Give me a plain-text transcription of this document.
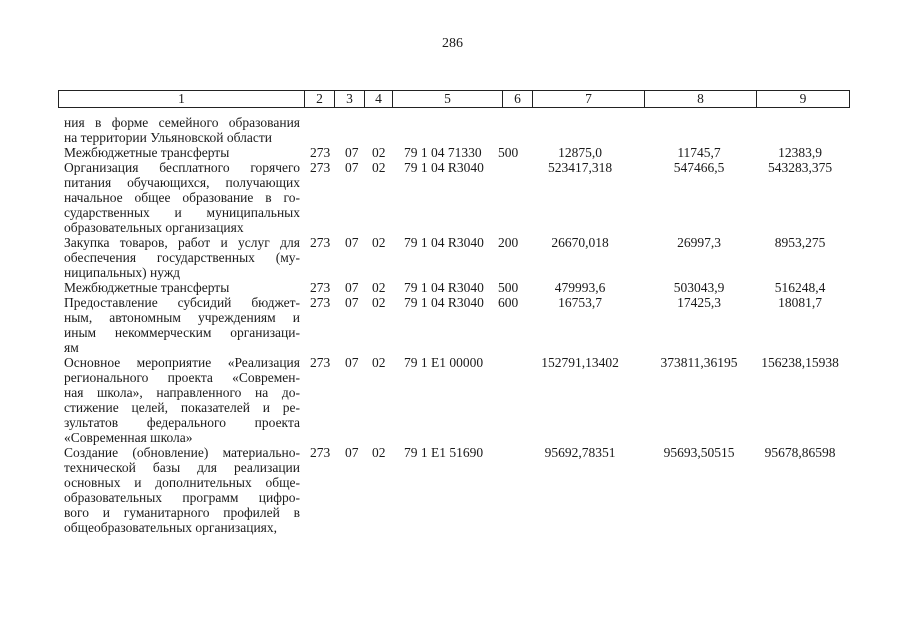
286
1	2	3	4	5	6	7	8	9
ния в форме семейного образования
на территории Ульяновской области
Межбюджетные трансферты	273 07 02 79 1 04 71330 500	12875,0	11745,7	12383,9
Организация бесплатного горячего
питания обучающихся, получающих
начальное общее образование в го-
сударственных и муниципальных
образовательных организациях
273 07 02 79 1 04 R3040	523417,318	547466,5	543283,375
Закупка товаров, работ и услуг для
обеспечения государственных (му-
ниципальных) нужд
273 07 02 79 1 04 R3040 200	26670,018	26997,3	8953,275
Межбюджетные трансферты	273 07 02 79 1 04 R3040 500	479993,6	503043,9	516248,4
Предоставление субсидий бюджет-
ным, автономным учреждениям и
иным некоммерческим организаци-
ям
273 07 02 79 1 04 R3040 600	16753,7	17425,3	18081,7
Основное мероприятие «Реализация
регионального проекта «Современ-
ная школа», направленного на до-
стижение целей, показателей и ре-
зультатов федерального проекта
«Современная школа»
273 07 02 79 1 E1 00000	152791,13402	373811,36195	156238,15938
Создание (обновление) материально-
технической базы для реализации
основных и дополнительных обще-
образовательных программ цифро-
вого и гуманитарного профилей в
общеобразовательных организациях,
273 07 02 79 1 E1 51690	95692,78351	95693,50515	95678,86598
